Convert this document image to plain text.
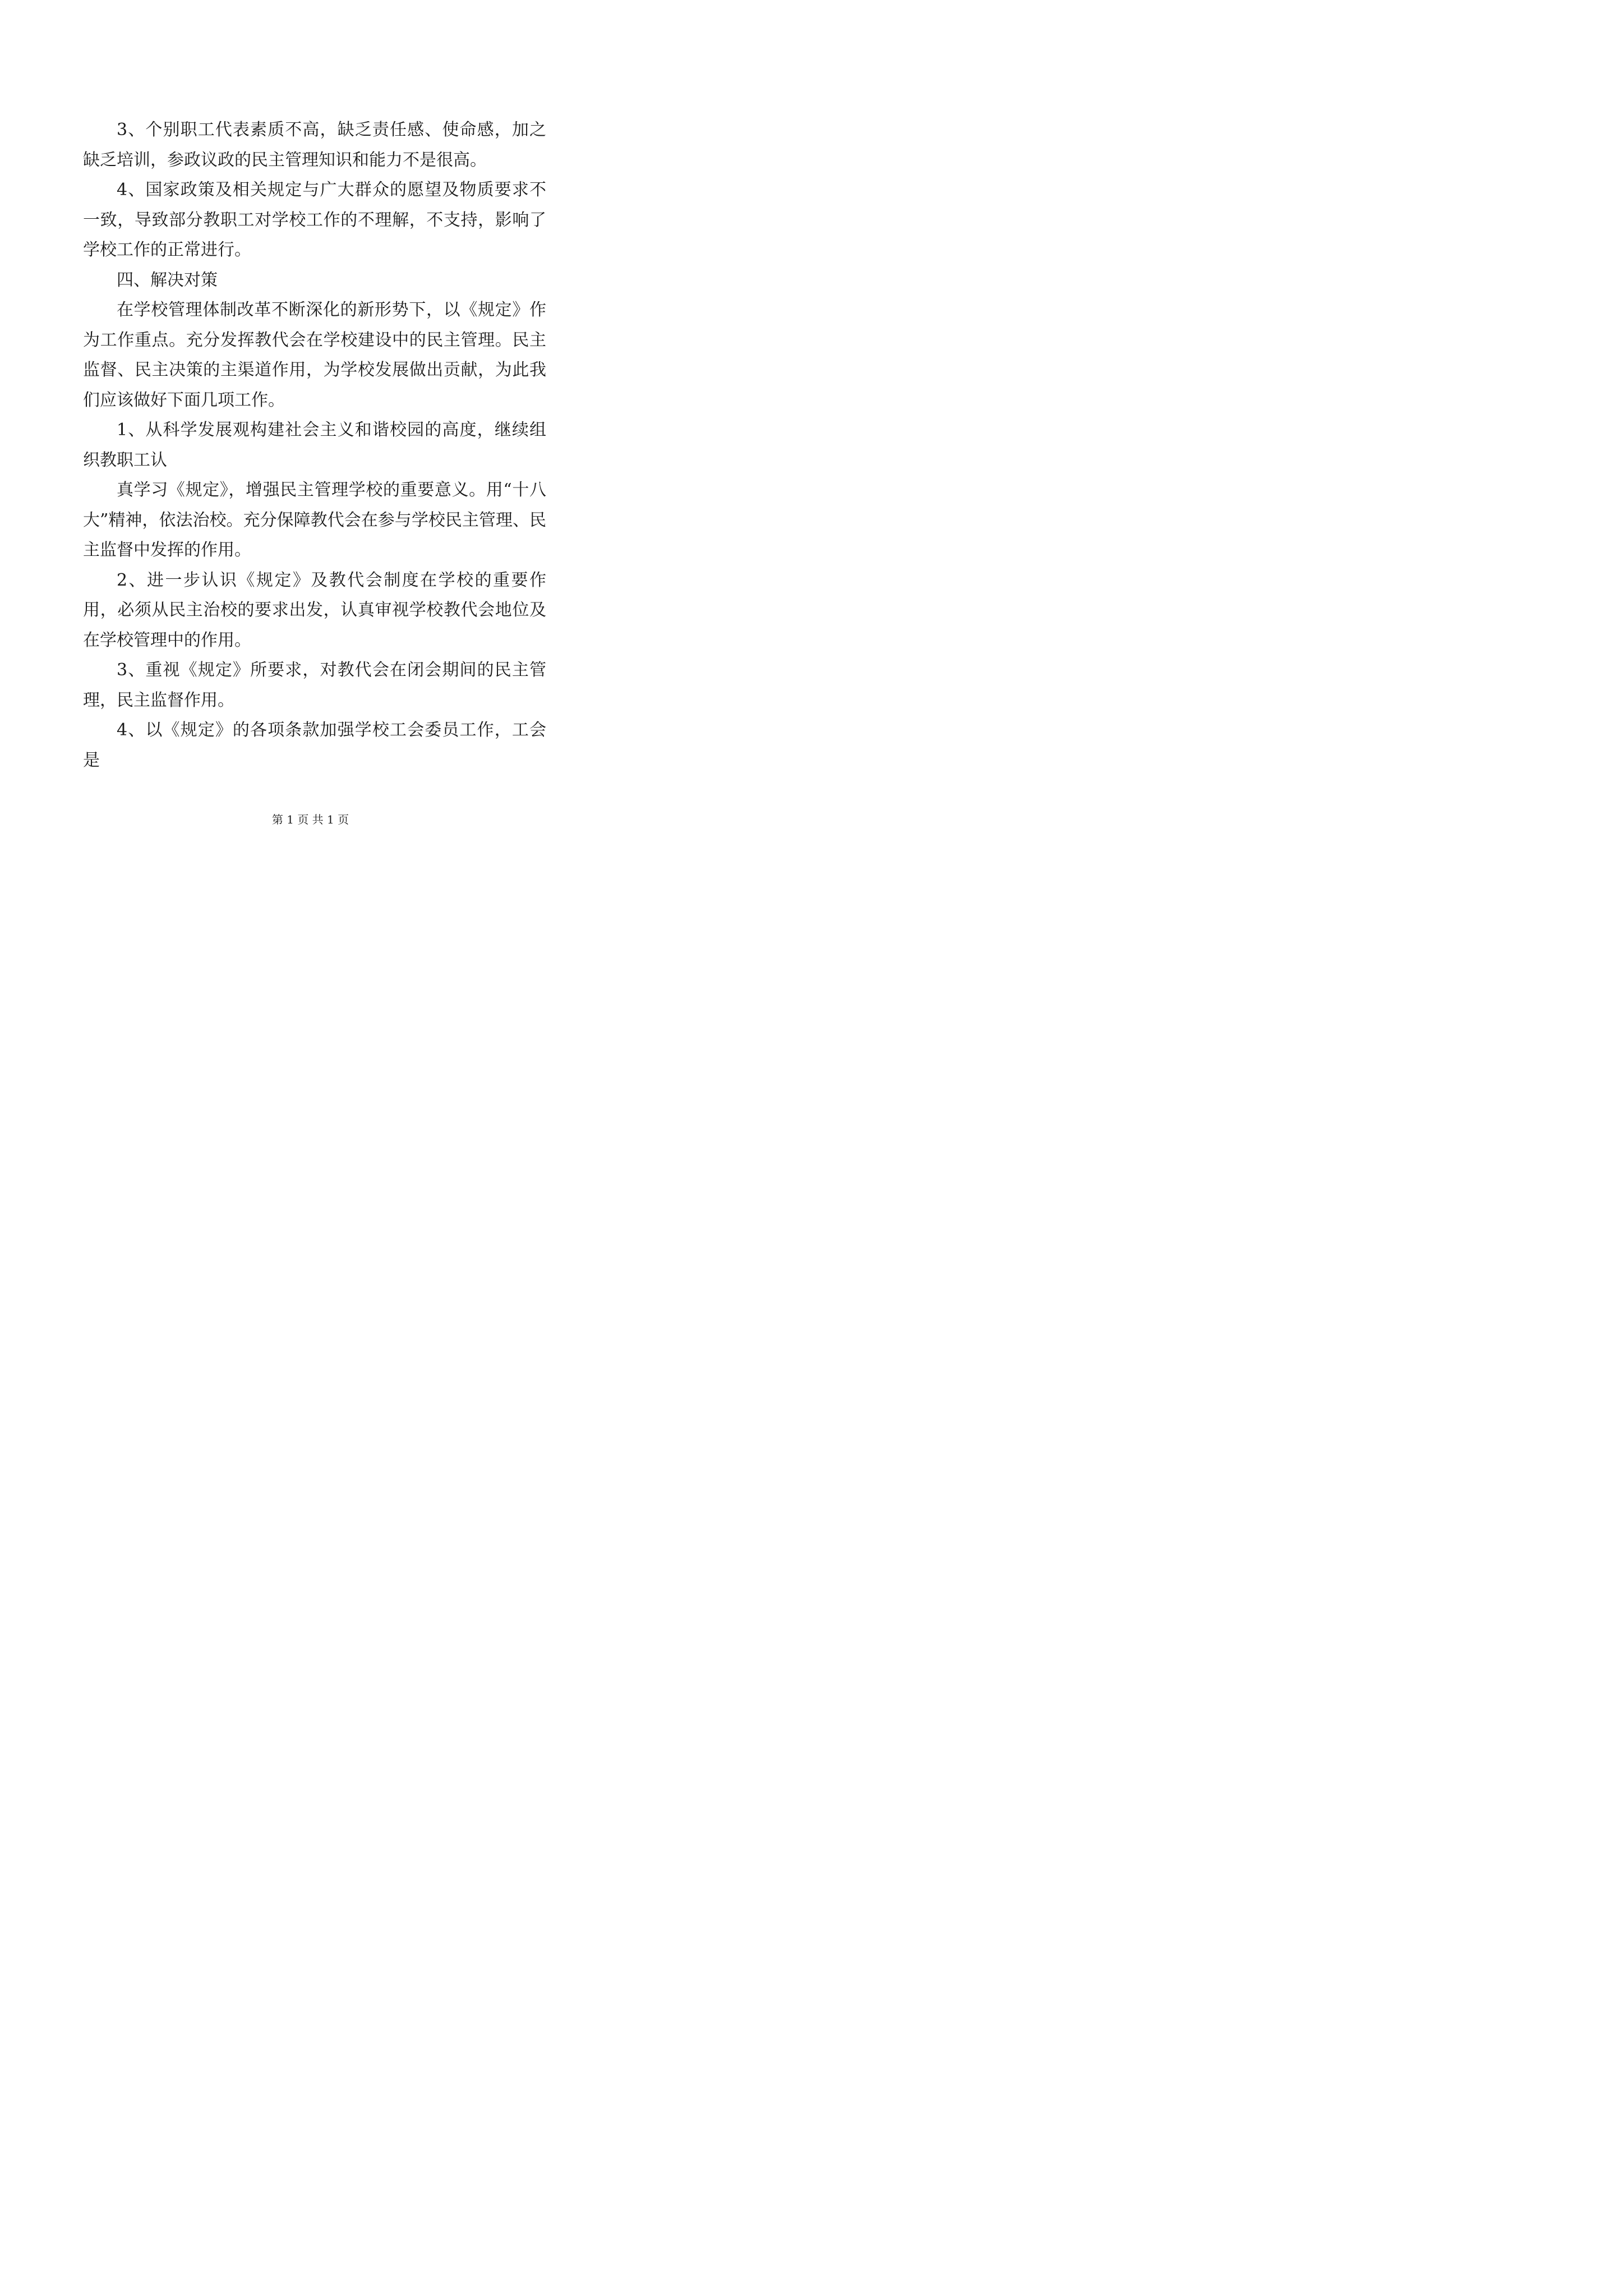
3、个别职工代表素质不高，缺乏责任感、使命感，加之缺乏培训，参政议政的民主管理知识和能力不是很高。

4、国家政策及相关规定与广大群众的愿望及物质要求不一致，导致部分教职工对学校工作的不理解，不支持，影响了学校工作的正常进行。

四、解决对策

在学校管理体制改革不断深化的新形势下，以《规定》作为工作重点。充分发挥教代会在学校建设中的民主管理。民主监督、民主决策的主渠道作用，为学校发展做出贡献，为此我们应该做好下面几项工作。

1、从科学发展观构建社会主义和谐校园的高度，继续组织教职工认

真学习《规定》，增强民主管理学校的重要意义。用“十八大”精神，依法治校。充分保障教代会在参与学校民主管理、民主监督中发挥的作用。

2、进一步认识《规定》及教代会制度在学校的重要作用，必须从民主治校的要求出发，认真审视学校教代会地位及在学校管理中的作用。

3、重视《规定》所要求，对教代会在闭会期间的民主管理，民主监督作用。

4、以《规定》的各项条款加强学校工会委员工作，工会是

第 1 页 共 1 页
